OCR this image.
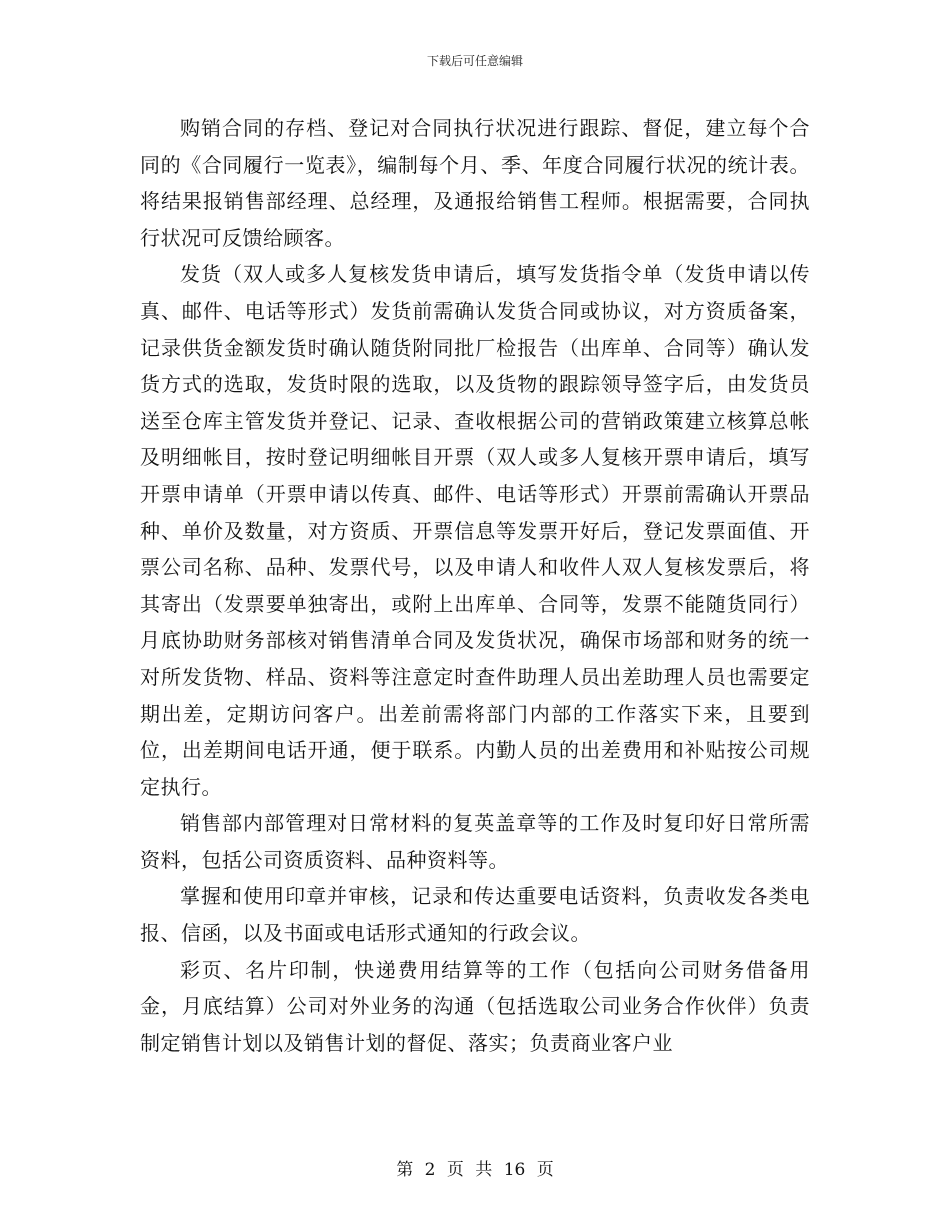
下载后可任意编辑

购销合同的存档、登记对合同执行状况进行跟踪、督促，建立每个合同的《合同履行一览表》，编制每个月、季、年度合同履行状况的统计表。将结果报销售部经理、总经理，及通报给销售工程师。根据需要，合同执行状况可反馈给顾客。

发货（双人或多人复核发货申请后，填写发货指令单（发货申请以传真、邮件、电话等形式）发货前需确认发货合同或协议，对方资质备案，记录供货金额发货时确认随货附同批厂检报告（出库单、合同等）确认发货方式的选取，发货时限的选取，以及货物的跟踪领导签字后，由发货员送至仓库主管发货并登记、记录、查收根据公司的营销政策建立核算总帐及明细帐目，按时登记明细帐目开票（双人或多人复核开票申请后，填写开票申请单（开票申请以传真、邮件、电话等形式）开票前需确认开票品种、单价及数量，对方资质、开票信息等发票开好后，登记发票面值、开票公司名称、品种、发票代号，以及申请人和收件人双人复核发票后，将其寄出（发票要单独寄出，或附上出库单、合同等，发票不能随货同行）月底协助财务部核对销售清单合同及发货状况，确保市场部和财务的统一对所发货物、样品、资料等注意定时查件助理人员出差助理人员也需要定期出差，定期访问客户。出差前需将部门内部的工作落实下来，且要到位，出差期间电话开通，便于联系。内勤人员的出差费用和补贴按公司规定执行。

销售部内部管理对日常材料的复英盖章等的工作及时复印好日常所需资料，包括公司资质资料、品种资料等。

掌握和使用印章并审核，记录和传达重要电话资料，负责收发各类电报、信函，以及书面或电话形式通知的行政会议。

彩页、名片印制，快递费用结算等的工作（包括向公司财务借备用金，月底结算）公司对外业务的沟通（包括选取公司业务合作伙伴）负责制定销售计划以及销售计划的督促、落实；负责商业客户业

第 2 页 共 16 页
